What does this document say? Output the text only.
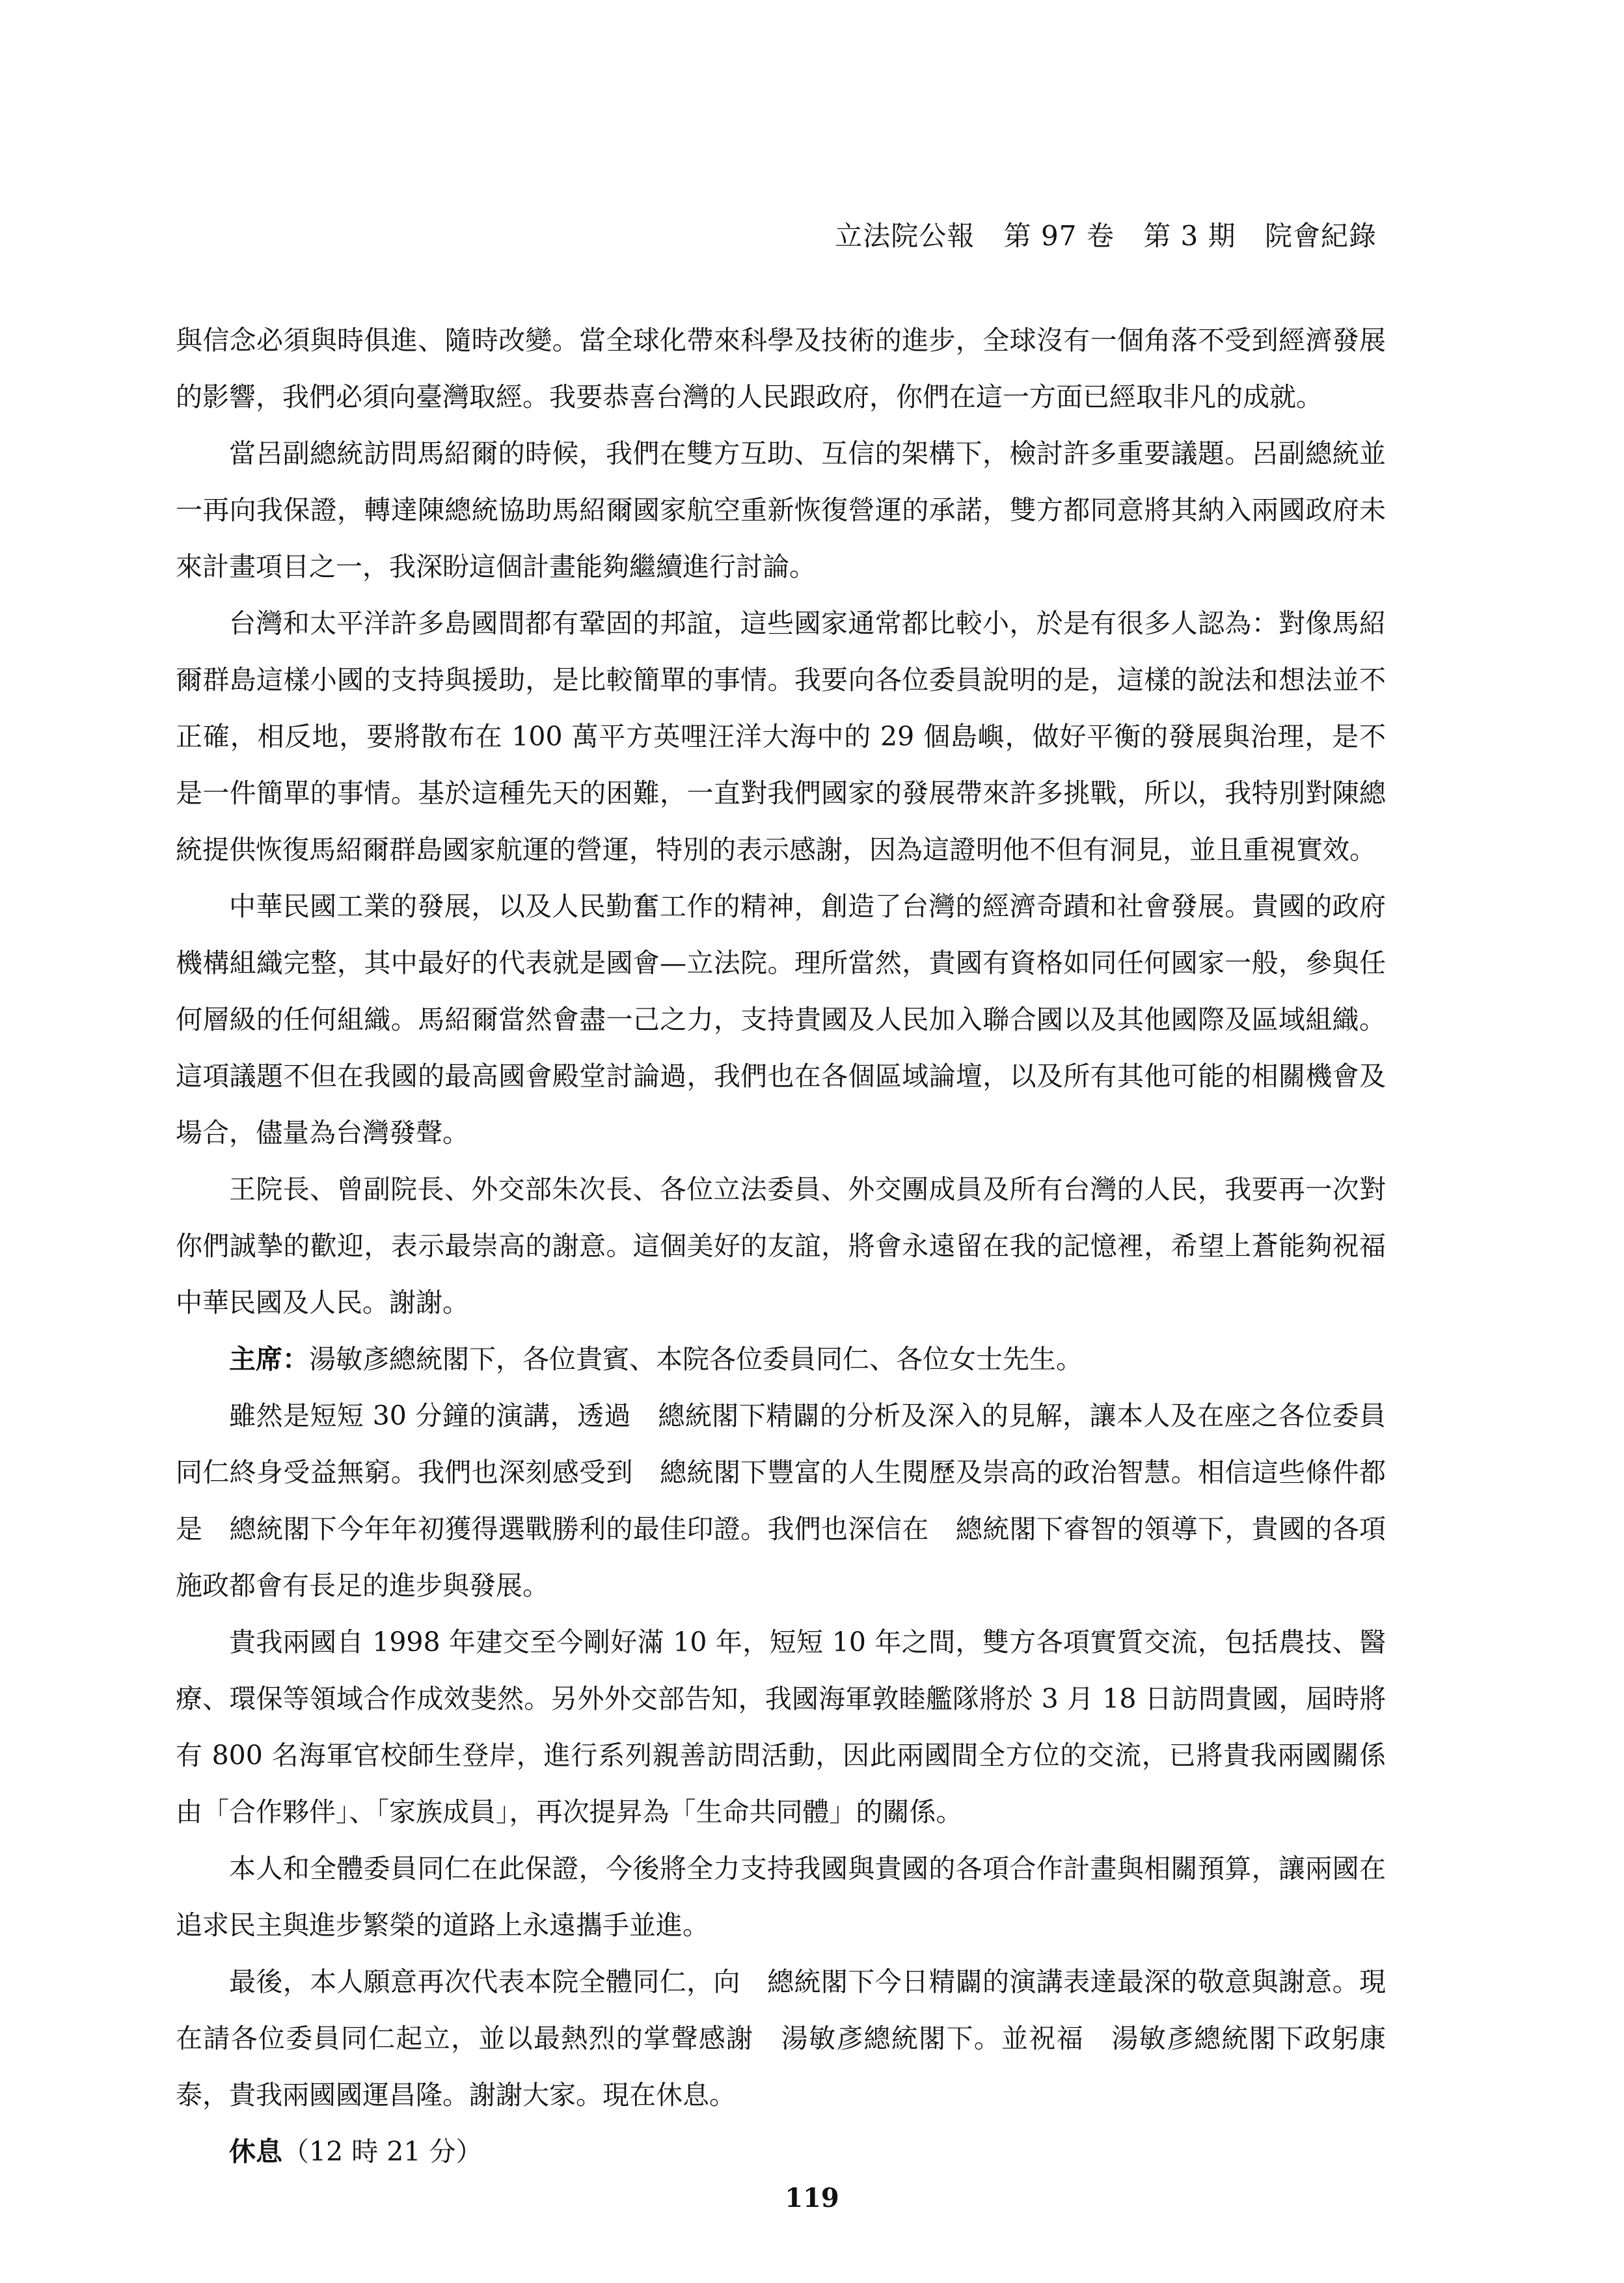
立法院公報 第 97 卷 第 3 期 院會紀錄

與信念必須與時俱進、隨時改變。當全球化帶來科學及技術的進步，全球沒有一個角落不受到經濟發展的影響，我們必須向臺灣取經。我要恭喜台灣的人民跟政府，你們在這一方面已經取非凡的成就。

當呂副總統訪問馬紹爾的時候，我們在雙方互助、互信的架構下，檢討許多重要議題。呂副總統並一再向我保證，轉達陳總統協助馬紹爾國家航空重新恢復營運的承諾，雙方都同意將其納入兩國政府未來計畫項目之一，我深盼這個計畫能夠繼續進行討論。

台灣和太平洋許多島國間都有鞏固的邦誼，這些國家通常都比較小，於是有很多人認為：對像馬紹爾群島這樣小國的支持與援助，是比較簡單的事情。我要向各位委員說明的是，這樣的說法和想法並不正確，相反地，要將散布在 100 萬平方英哩汪洋大海中的 29 個島嶼，做好平衡的發展與治理，是不是一件簡單的事情。基於這種先天的困難，一直對我們國家的發展帶來許多挑戰，所以，我特別對陳總統提供恢復馬紹爾群島國家航運的營運，特別的表示感謝，因為這證明他不但有洞見，並且重視實效。

中華民國工業的發展，以及人民勤奮工作的精神，創造了台灣的經濟奇蹟和社會發展。貴國的政府機構組織完整，其中最好的代表就是國會—立法院。理所當然，貴國有資格如同任何國家一般，參與任何層級的任何組織。馬紹爾當然會盡一己之力，支持貴國及人民加入聯合國以及其他國際及區域組織。這項議題不但在我國的最高國會殿堂討論過，我們也在各個區域論壇，以及所有其他可能的相關機會及場合，儘量為台灣發聲。

王院長、曾副院長、外交部朱次長、各位立法委員、外交團成員及所有台灣的人民，我要再一次對你們誠摯的歡迎，表示最崇高的謝意。這個美好的友誼，將會永遠留在我的記憶裡，希望上蒼能夠祝福中華民國及人民。謝謝。

主席：湯敏彥總統閣下，各位貴賓、本院各位委員同仁、各位女士先生。

雖然是短短 30 分鐘的演講，透過　總統閣下精闢的分析及深入的見解，讓本人及在座之各位委員同仁終身受益無窮。我們也深刻感受到　總統閣下豐富的人生閱歷及崇高的政治智慧。相信這些條件都是　總統閣下今年年初獲得選戰勝利的最佳印證。我們也深信在　總統閣下睿智的領導下，貴國的各項施政都會有長足的進步與發展。

貴我兩國自 1998 年建交至今剛好滿 10 年，短短 10 年之間，雙方各項實質交流，包括農技、醫療、環保等領域合作成效斐然。另外外交部告知，我國海軍敦睦艦隊將於 3 月 18 日訪問貴國，屆時將有 800 名海軍官校師生登岸，進行系列親善訪問活動，因此兩國間全方位的交流，已將貴我兩國關係由「合作夥伴」、「家族成員」，再次提昇為「生命共同體」的關係。

本人和全體委員同仁在此保證，今後將全力支持我國與貴國的各項合作計畫與相關預算，讓兩國在追求民主與進步繁榮的道路上永遠攜手並進。

最後，本人願意再次代表本院全體同仁，向　總統閣下今日精闢的演講表達最深的敬意與謝意。現在請各位委員同仁起立，並以最熱烈的掌聲感謝　湯敏彥總統閣下。並祝福　湯敏彥總統閣下政躬康泰，貴我兩國國運昌隆。謝謝大家。現在休息。

休息（12 時 21 分）

119
